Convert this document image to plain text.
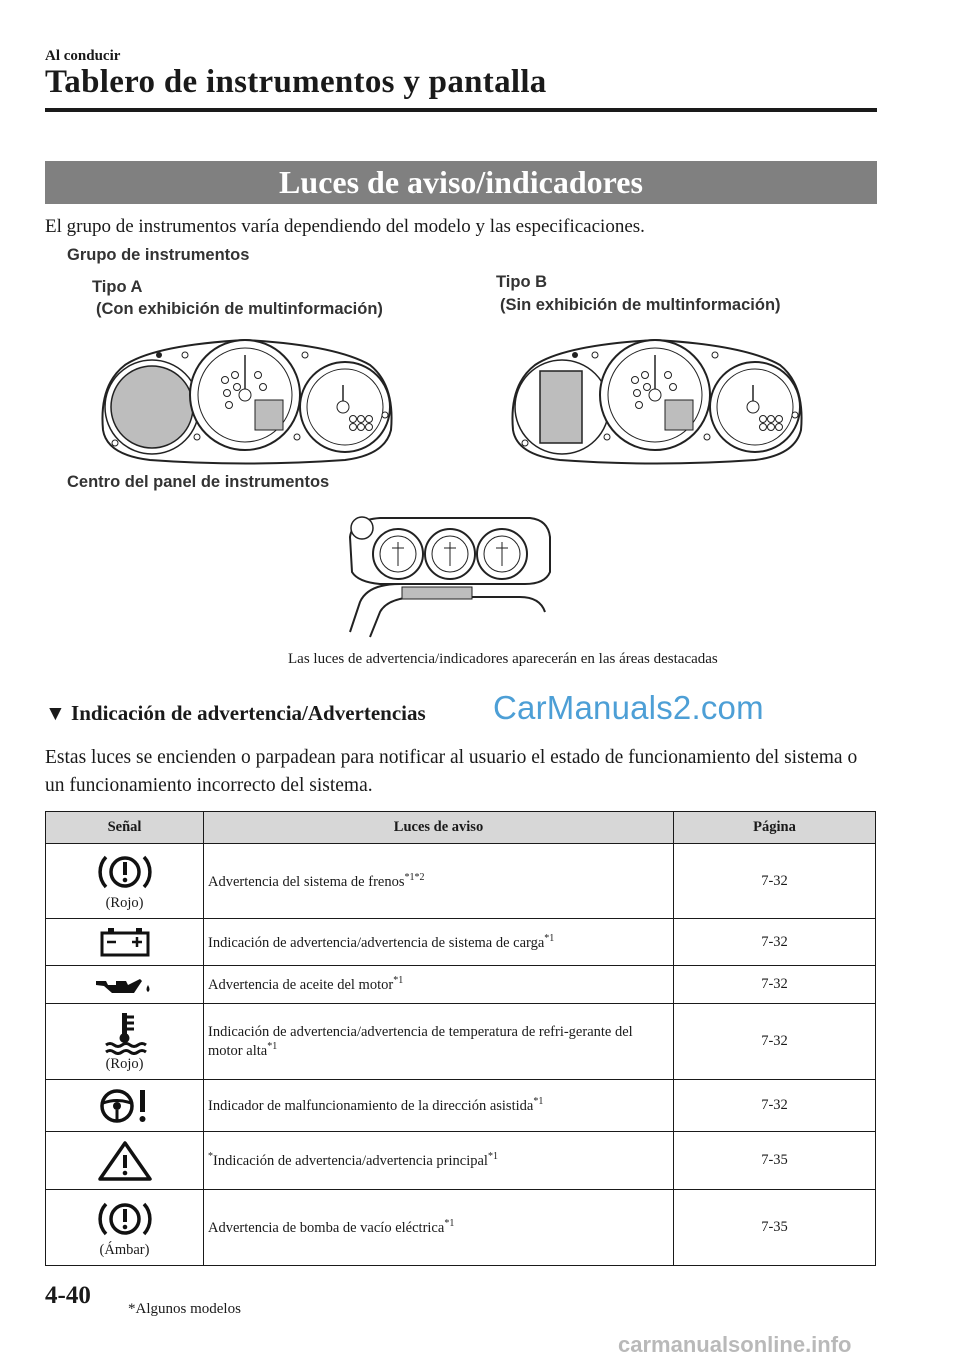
Al conducir
Tablero de instrumentos y pantalla
Luces de aviso/indicadores
El grupo de instrumentos varía dependiendo del modelo y las especificaciones.
Grupo de instrumentos
Tipo A
(Con exhibición de multinformación)
Tipo B
(Sin exhibición de multinformación)
Centro del panel de instrumentos
Las luces de advertencia/indicadores aparecerán en las áreas destacadas
▼ Indicación de advertencia/Advertencias CarManuals2.com
Estas luces se encienden o parpadean para notificar al usuario el estado de funcionamiento del sistema o un funcionamiento incorrecto del sistema.
Señal	Luces de aviso	Página

(Rojo)	Advertencia del sistema de frenos$^{*1*2}$	7-32

	Indicación de advertencia/advertencia de sistema de carga$^{*1}$	7-32

	Advertencia de aceite del motor$^{*1}$	7-32

(Rojo)	Indicación de advertencia/advertencia de temperatura de refri-gerante del motor alta$^{*1}$	7-32

	Indicador de malfuncionamiento de la dirección asistida$^{*1}$	7-32

	*Indicación de advertencia/advertencia principal$^{*1}$	7-35

(Ámbar)	Advertencia de bomba de vacío eléctrica$^{*1}$	7-35
4-40 *Algunos modelos
carmanualsonline.info
